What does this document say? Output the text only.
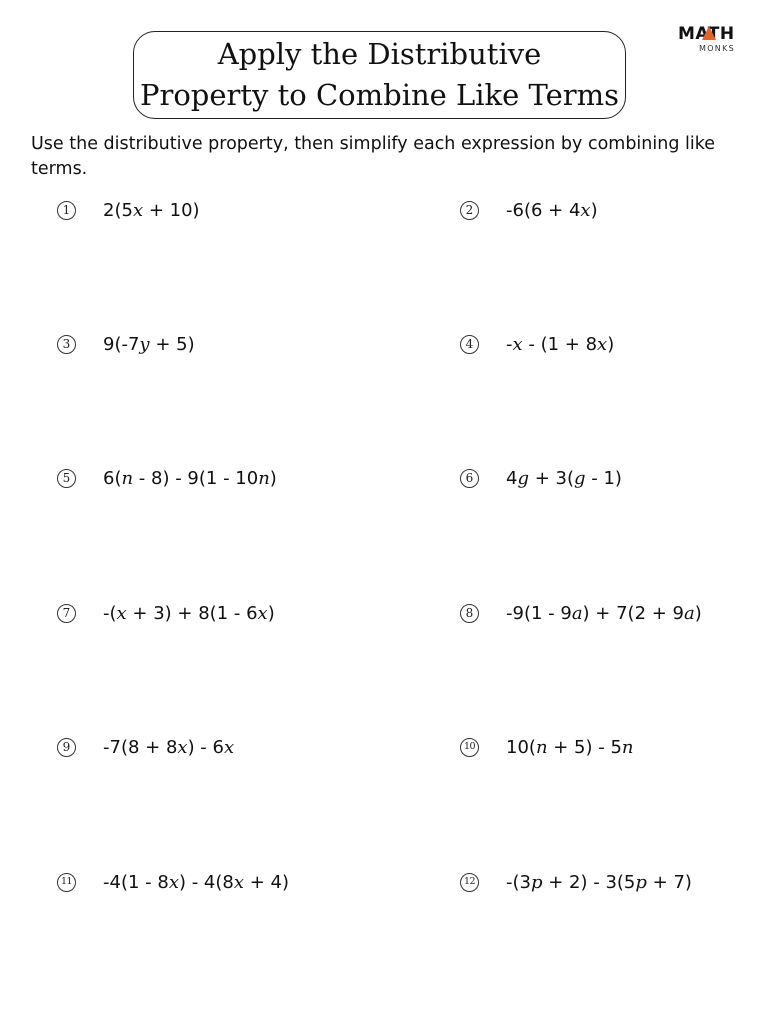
Apply the Distributive
Property to Combine Like Terms
MATH
MONKS
Use the distributive property, then simplify each expression by combining like terms.
1	2(5x + 10)	2	-6(6 + 4x)
3	9(-7y + 5)	4	-x - (1 + 8x)
5	6(n - 8) - 9(1 - 10n)	6	4g + 3(g - 1)
7	-(x + 3) + 8(1 - 6x)	8	-9(1 - 9a) + 7(2 + 9a)
9	-7(8 + 8x) - 6x	10 10(n + 5) - 5n
11 -4(1 - 8x) - 4(8x + 4)	12 -(3p + 2) - 3(5p + 7)
